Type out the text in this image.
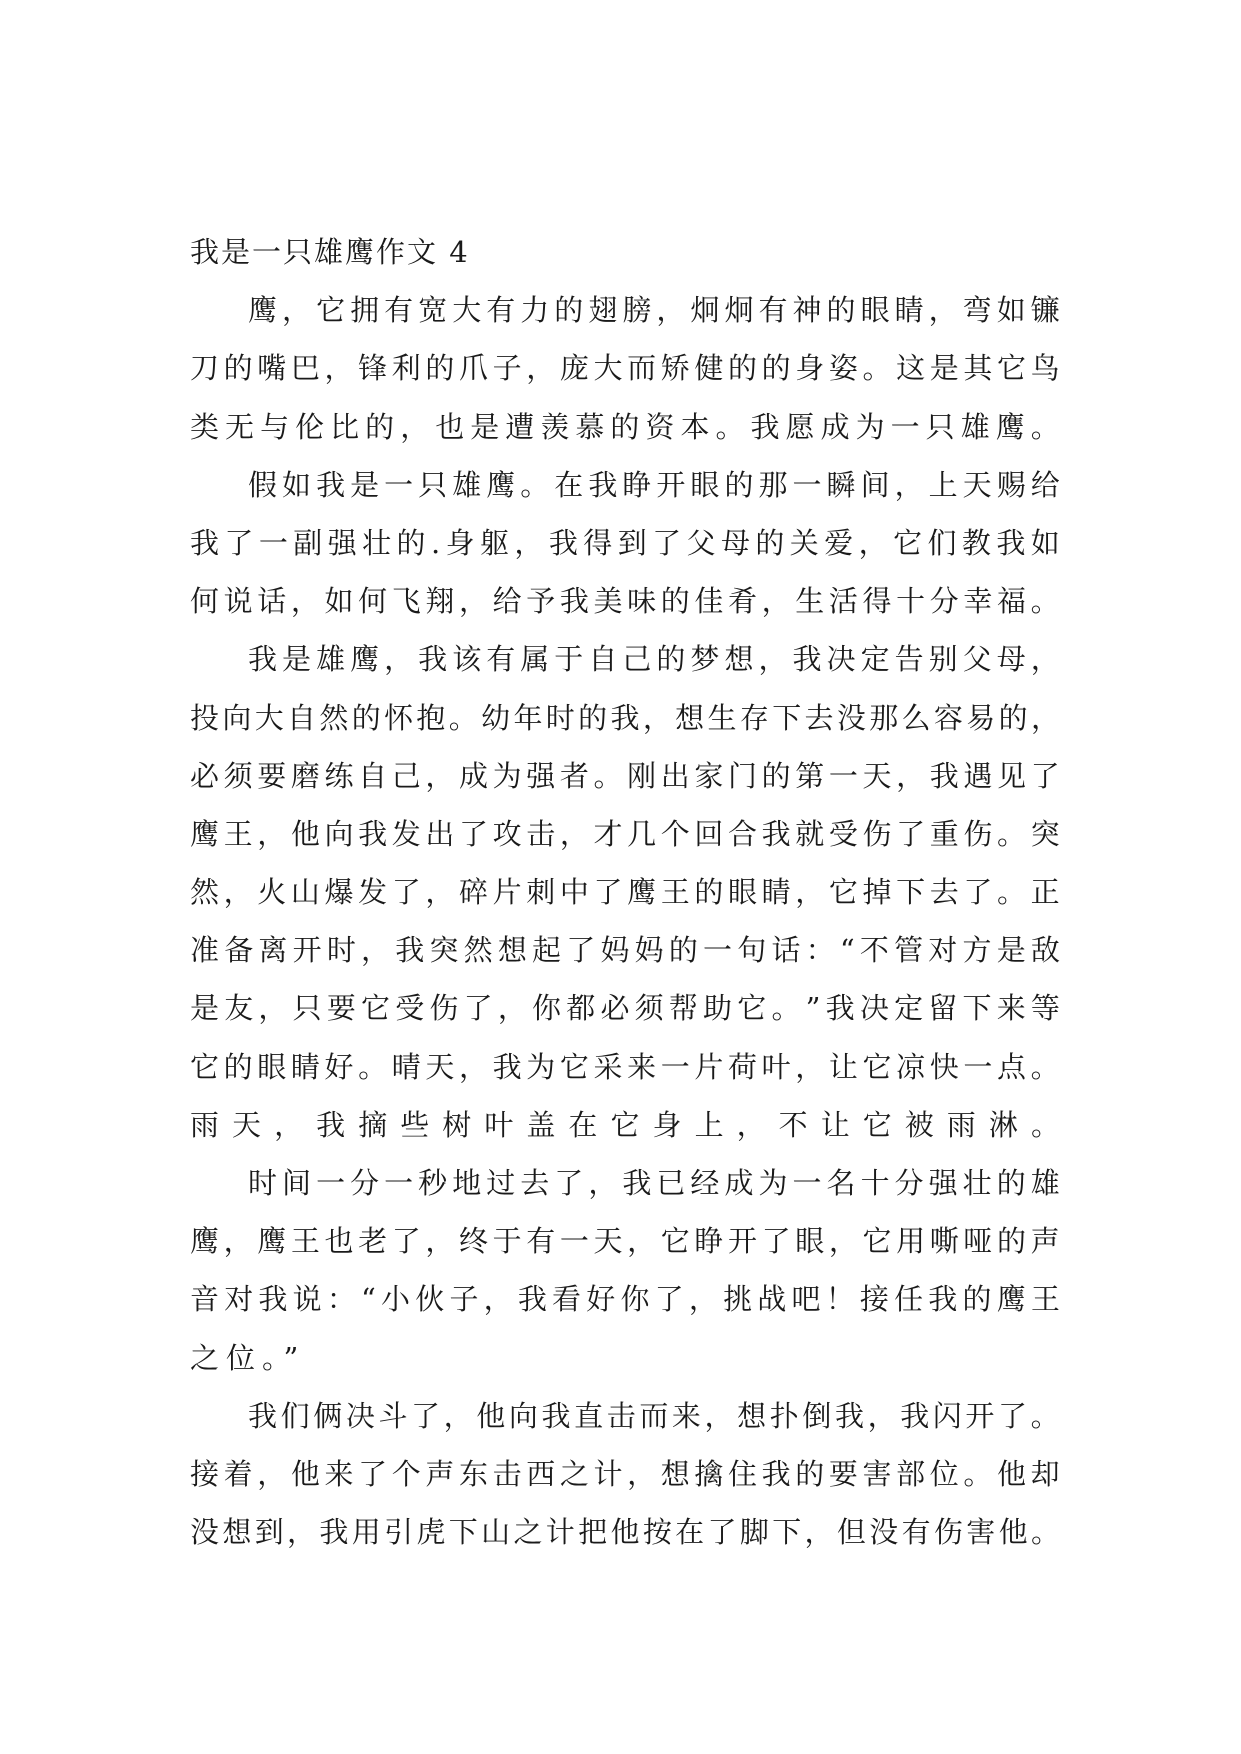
我是一只雄鹰作文 4
鹰 ， 它 拥 有 宽 大 有 力 的 翅 膀 ， 炯 炯 有 神 的 眼 睛 ， 弯 如 镰
刀 的 嘴 巴 ， 锋 利 的 爪 子 ， 庞 大 而 矫 健 的 的 身 姿 。 这 是 其 它 鸟
类 无 与 伦 比 的 ， 也 是 遭 羡 慕 的 资 本 。 我 愿 成 为 一 只 雄 鹰 。
假 如 我 是 一 只 雄 鹰 。 在 我 睁 开 眼 的 那 一 瞬 间 ， 上 天 赐 给
我 了 一 副 强 壮 的 . 身 躯 ， 我 得 到 了 父 母 的 关 爱 ， 它 们 教 我 如
何 说 话 ， 如 何 飞 翔 ， 给 予 我 美 味 的 佳 肴 ， 生 活 得 十 分 幸 福 。
我 是 雄 鹰 ， 我 该 有 属 于 自 己 的 梦 想 ， 我 决 定 告 别 父 母 ，
投 向 大 自 然 的 怀 抱 。 幼 年 时 的 我 ， 想 生 存 下 去 没 那 么 容 易 的 ，
必 须 要 磨 练 自 己 ， 成 为 强 者 。 刚 出 家 门 的 第 一 天 ， 我 遇 见 了
鹰 王 ， 他 向 我 发 出 了 攻 击 ， 才 几 个 回 合 我 就 受 伤 了 重 伤 。 突
然 ， 火 山 爆 发 了 ， 碎 片 刺 中 了 鹰 王 的 眼 睛 ， 它 掉 下 去 了 。 正
准 备 离 开 时 ， 我 突 然 想 起 了 妈 妈 的 一 句 话 ： “ 不 管 对 方 是 敌
是 友 ， 只 要 它 受 伤 了 ， 你 都 必 须 帮 助 它 。 ” 我 决 定 留 下 来 等
它 的 眼 睛 好 。 晴 天 ， 我 为 它 采 来 一 片 荷 叶 ， 让 它 凉 快 一 点 。
雨 天 ， 我 摘 些 树 叶 盖 在 它 身 上 ， 不 让 它 被 雨 淋 。
时 间 一 分 一 秒 地 过 去 了 ， 我 已 经 成 为 一 名 十 分 强 壮 的 雄
鹰 ， 鹰 王 也 老 了 ， 终 于 有 一 天 ， 它 睁 开 了 眼 ， 它 用 嘶 哑 的 声
音 对 我 说 ： “ 小 伙 子 ， 我 看 好 你 了 ， 挑 战 吧 ！ 接 任 我 的 鹰 王
之位。”
我 们 俩 决 斗 了 ， 他 向 我 直 击 而 来 ， 想 扑 倒 我 ， 我 闪 开 了 。
接 着 ， 他 来 了 个 声 东 击 西 之 计 ， 想 擒 住 我 的 要 害 部 位 。 他 却
没 想 到 ， 我 用 引 虎 下 山 之 计 把 他 按 在 了 脚 下 ， 但 没 有 伤 害 他 。
